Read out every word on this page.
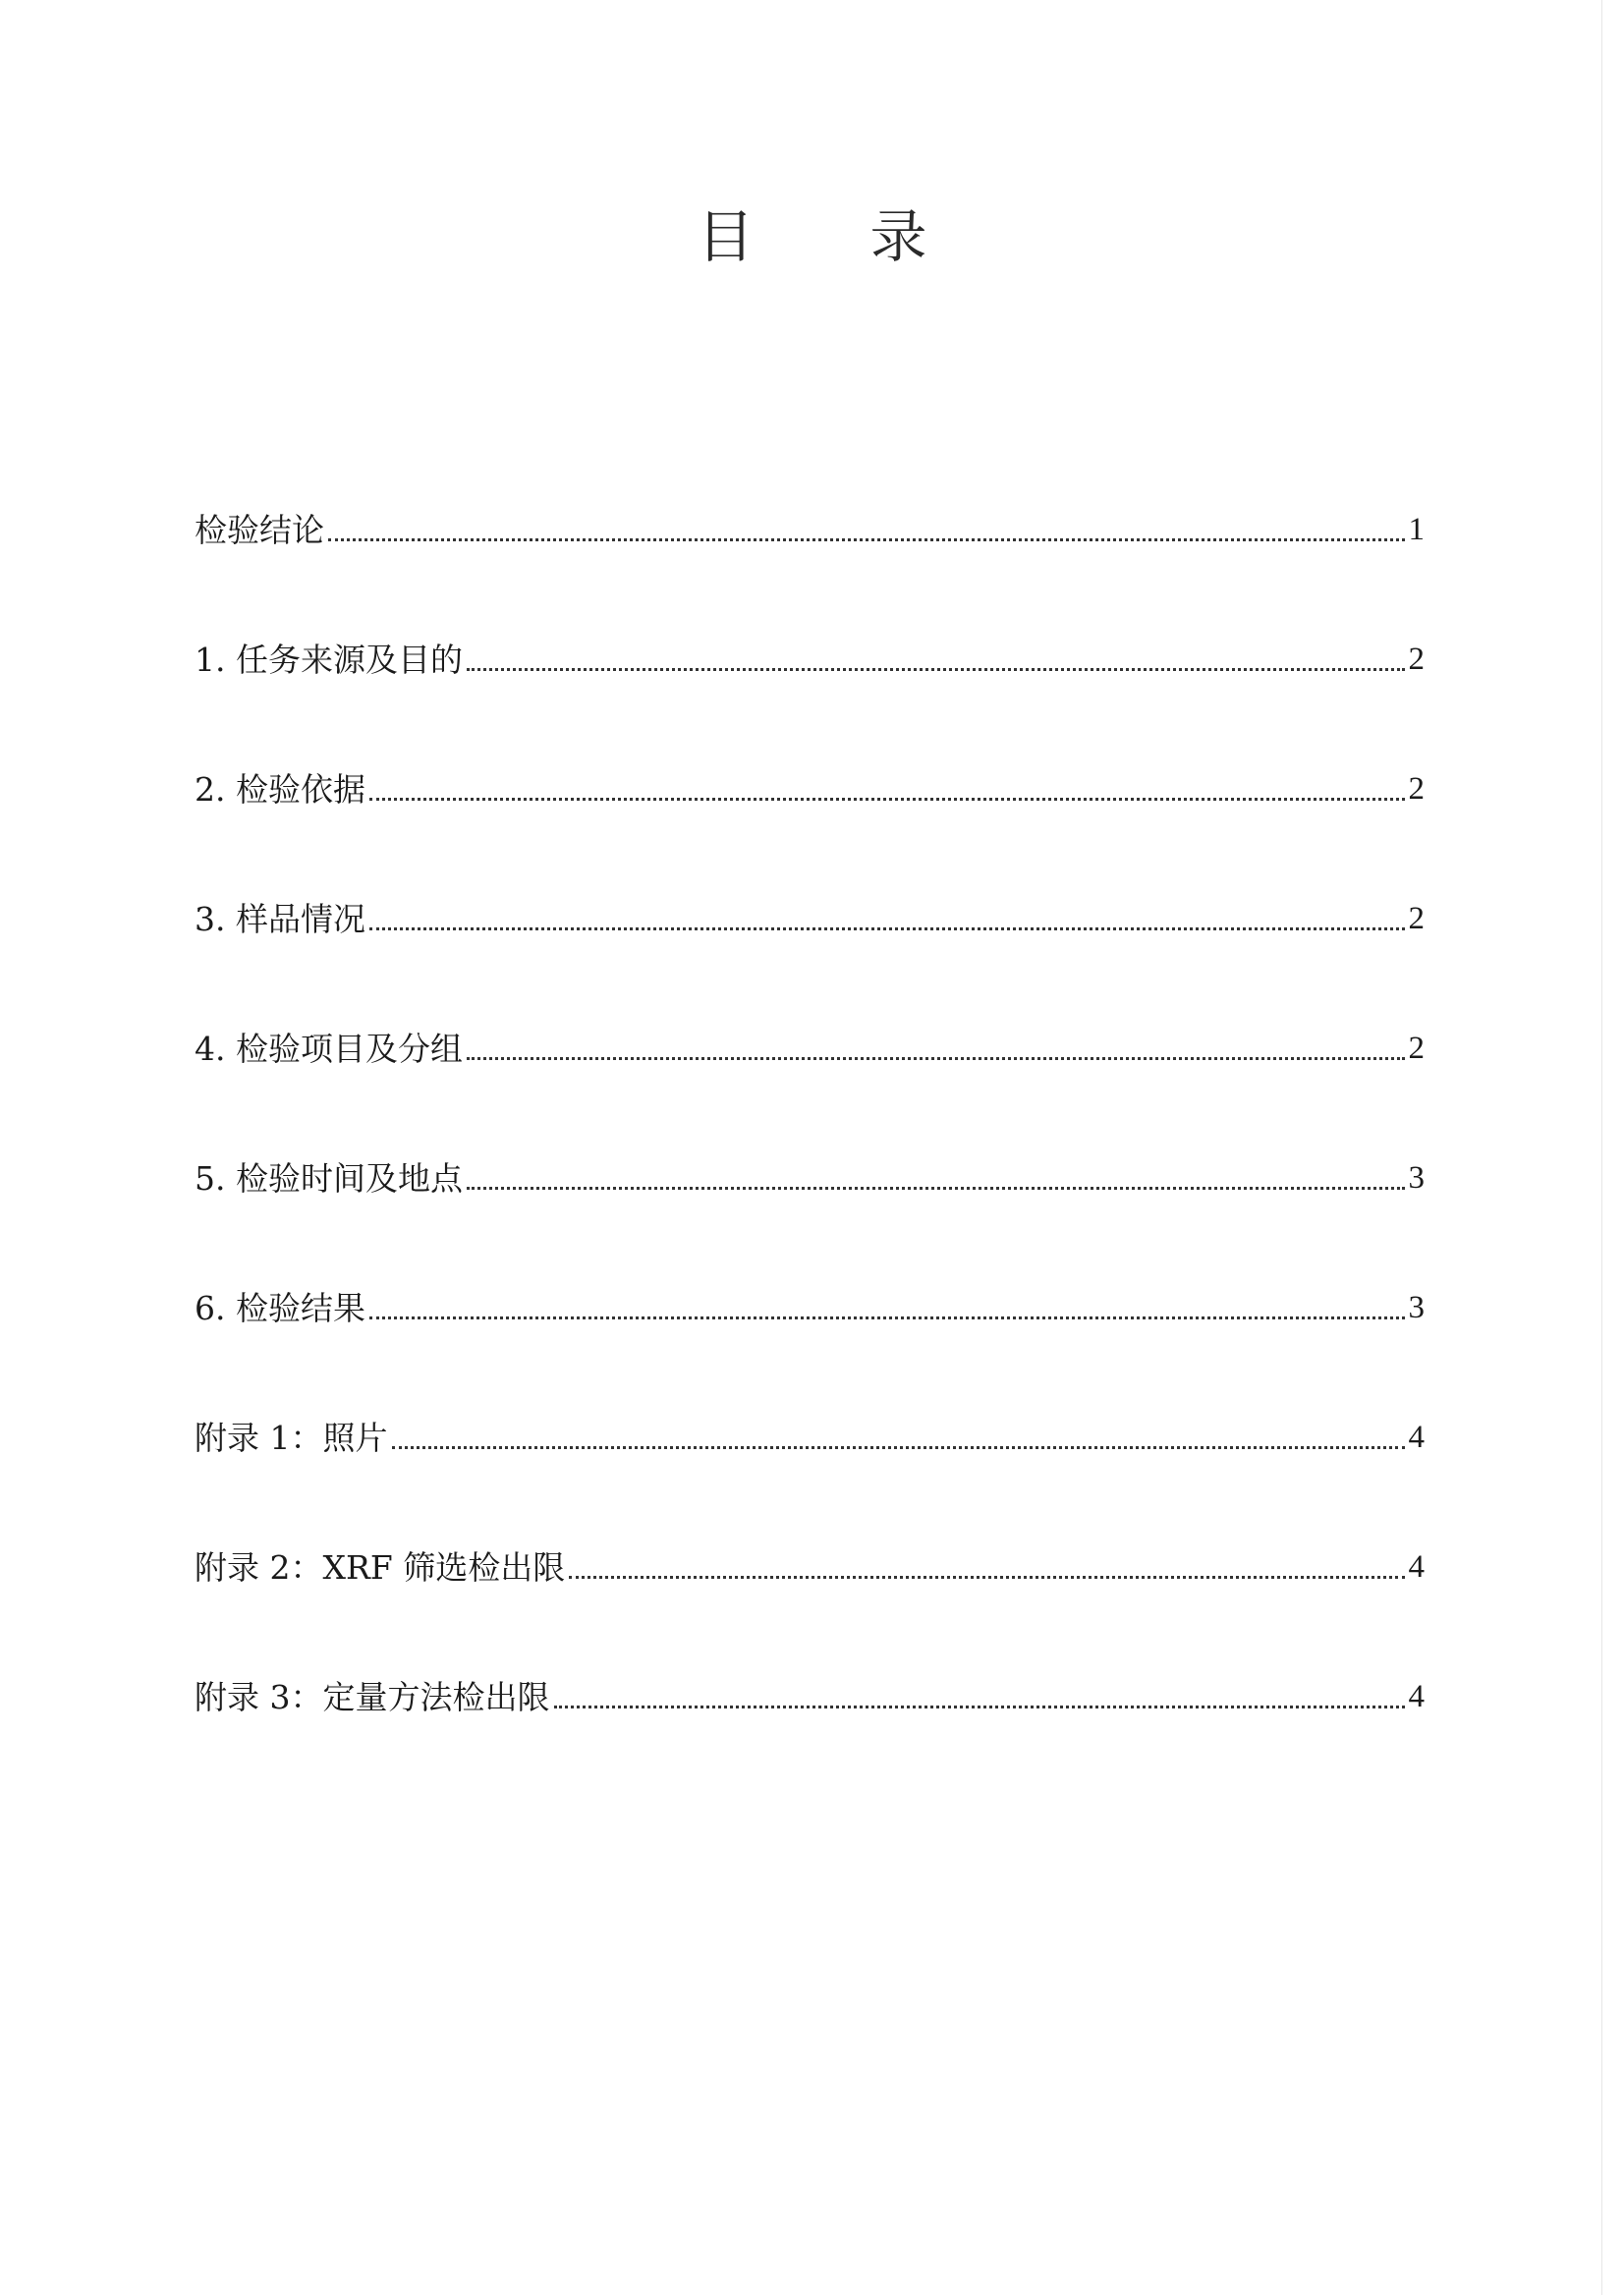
目 录
检验结论	1
1. 任务来源及目的	2
2. 检验依据	2
3. 样品情况	2
4. 检验项目及分组	2
5. 检验时间及地点	3
6. 检验结果	3
附录 1：照片	4
附录 2：XRF 筛选检出限	4
附录 3：定量方法检出限	4
